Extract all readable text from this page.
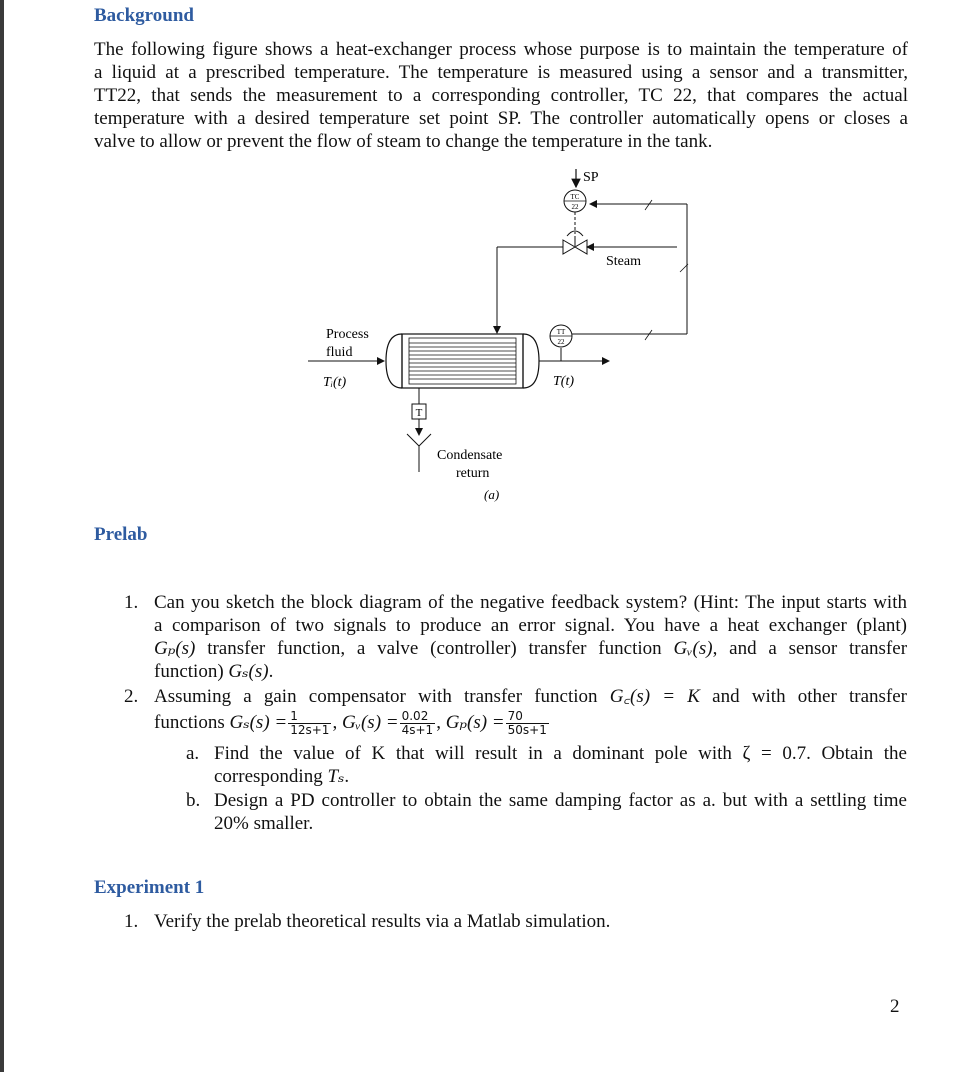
Background
The following figure shows a heat-exchanger process whose purpose is to maintain the temperature of
a liquid at a prescribed temperature. The temperature is measured using a sensor and a transmitter,
TT22, that sends the measurement to a corresponding controller, TC 22, that compares the actual
temperature with a desired temperature set point SP. The controller automatically opens or closes a
valve to allow or prevent the flow of steam to change the temperature in the tank.
SP
TC
22
Steam
Process
fluid
Tᵢ(t)
TT
22
T(t)
T
Condensate
return
(a)
Prelab
1. Can you sketch the block diagram of the negative feedback system? (Hint: The input starts with
a comparison of two signals to produce an error signal. You have a heat exchanger (plant)
Gₚ(s) transfer function, a valve (controller) transfer function Gᵥ(s), and a sensor transfer
function) Gₛ(s).
2. Assuming a gain compensator with transfer function G꜀(s) = K and with other transfer
functions $G_s(s) = \frac{1}{12s+1}$ , Gᵥ(s) = $\frac{0.02}{4s+1}$ , $G_p(s) = \frac{70}{50s+1}$
a. Find the value of K that will result in a dominant pole with ζ = 0.7. Obtain the
corresponding Tₛ.
b. Design a PD controller to obtain the same damping factor as a. but with a settling time
20% smaller.
Experiment 1
1. Verify the prelab theoretical results via a Matlab simulation.
2
